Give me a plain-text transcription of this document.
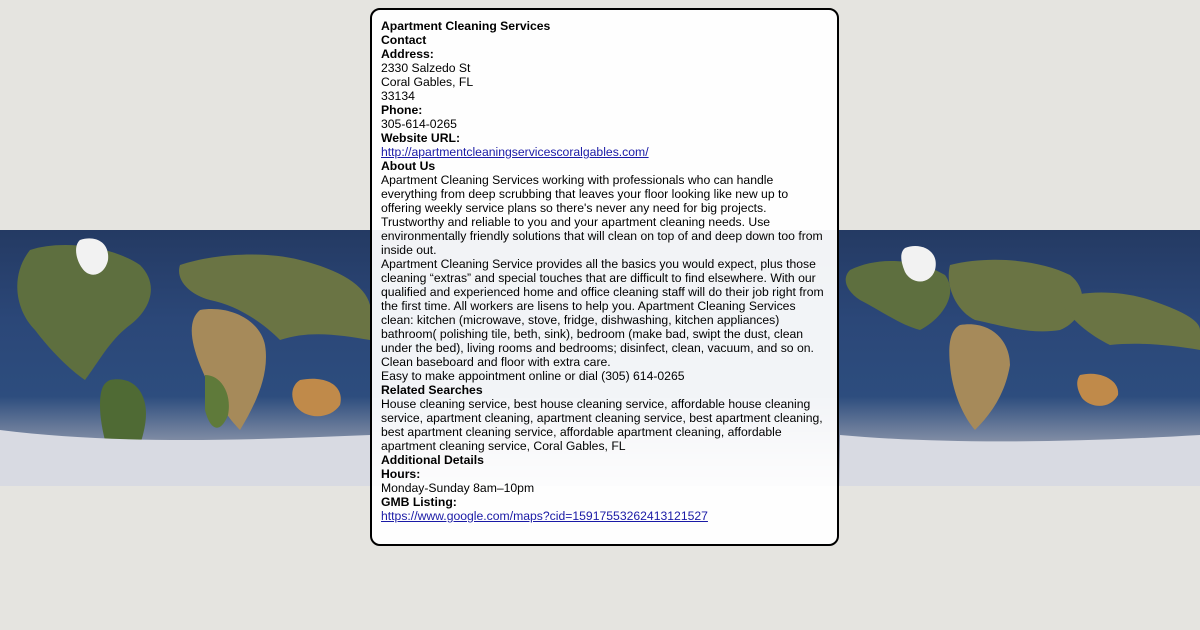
Apartment Cleaning Services
Contact
Address:
2330 Salzedo St
Coral Gables, FL
33134
Phone:
305-614-0265
Website URL:
http://apartmentcleaningservicescoralgables.com/
About Us
Apartment Cleaning Services working with professionals who can handle everything from deep scrubbing that leaves your floor looking like new up to offering weekly service plans so there's never any need for big projects. Trustworthy and reliable to you and your apartment cleaning needs. Use environmentally friendly solutions that will clean on top of and deep down too from inside out.
Apartment Cleaning Service provides all the basics you would expect, plus those cleaning “extras” and special touches that are difficult to find elsewhere. With our qualified and experienced home and office cleaning staff will do their job right from the first time. All workers are lisens to help you. Apartment Cleaning Services clean: kitchen (microwave, stove, fridge, dishwashing, kitchen appliances) bathroom( polishing tile, beth, sink), bedroom (make bad, swipt the dust, clean under the bed), living rooms and bedrooms; disinfect, clean, vacuum, and so on. Clean baseboard and floor with extra care.
Easy to make appointment online or dial (305) 614-0265
Related Searches
House cleaning service, best house cleaning service, affordable house cleaning service, apartment cleaning, apartment cleaning service, best apartment cleaning, best apartment cleaning service, affordable apartment cleaning, affordable apartment cleaning service, Coral Gables, FL
Additional Details
Hours:
Monday-Sunday 8am–10pm
GMB Listing:
https://www.google.com/maps?cid=15917553262413121527
